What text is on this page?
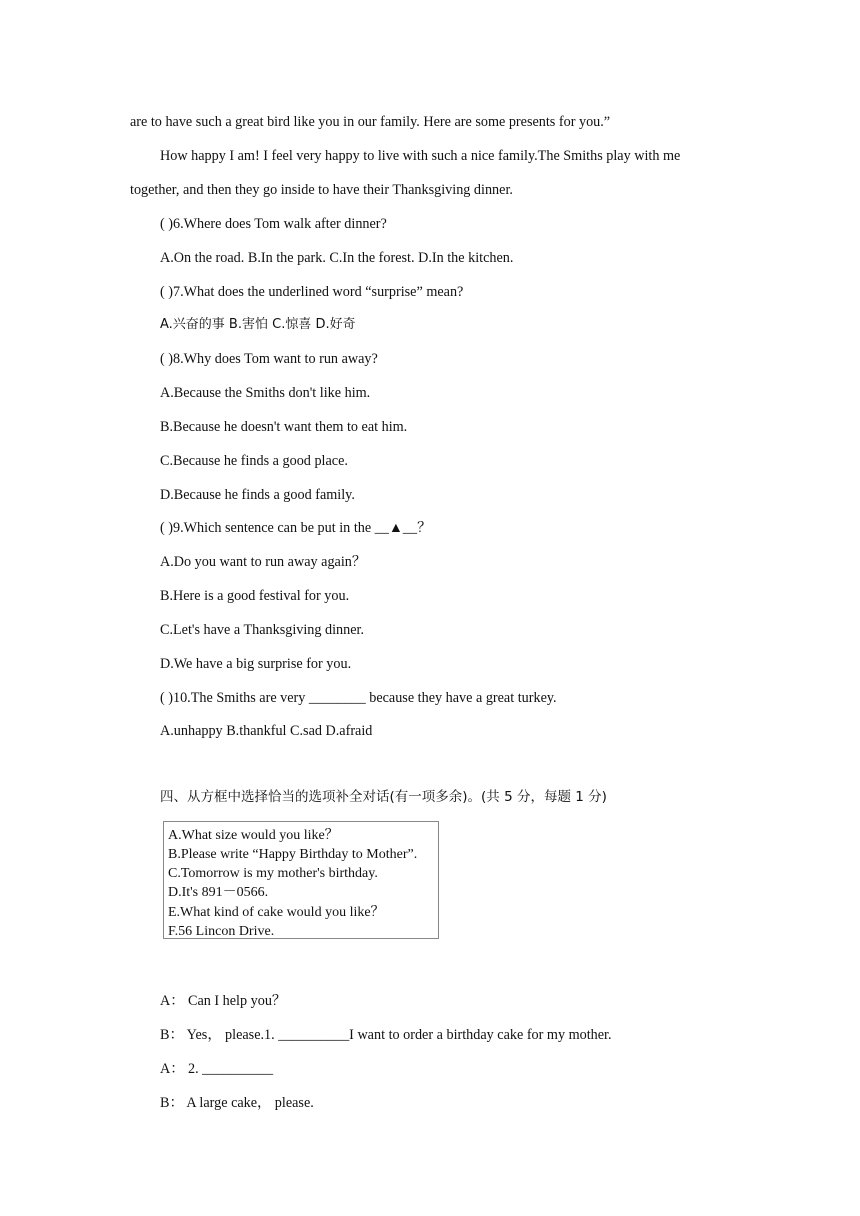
are to have such a great bird like you in our family. Here are some presents for you.”
How happy I am! I feel very happy to live with such a nice family.The Smiths play with me
together, and then they go inside to have their Thanksgiving dinner.
( )6.Where does Tom walk after dinner?
A.On the road. B.In the park. C.In the forest. D.In the kitchen.
( )7.What does the underlined word “surprise” mean?
A.兴奋的事 B.害怕 C.惊喜 D.好奇
( )8.Why does Tom want to run away?
A.Because the Smiths don't like him.
B.Because he doesn't want them to eat him.
C.Because he finds a good place.
D.Because he finds a good family.
( )9.Which sentence can be put in the __▲__？
A.Do you want to run away again？
B.Here is a good festival for you.
C.Let's have a Thanksgiving dinner.
D.We have a big surprise for you.
( )10.The Smiths are very ________ because they have a great turkey.
A.unhappy B.thankful C.sad D.afraid
四、从方框中选择恰当的选项补全对话(有一项多余)。(共 5 分，每题 1 分)
A.What size would you like？
B.Please write “Happy Birthday to Mother”.
C.Tomorrow is my mother's birthday.
D.It's 891－0566.
E.What kind of cake would you like？
F.56 Lincon Drive.
A： Can I help you？
B： Yes， please.1. __________I want to order a birthday cake for my mother.
A： 2. __________
B： A large cake， please.
